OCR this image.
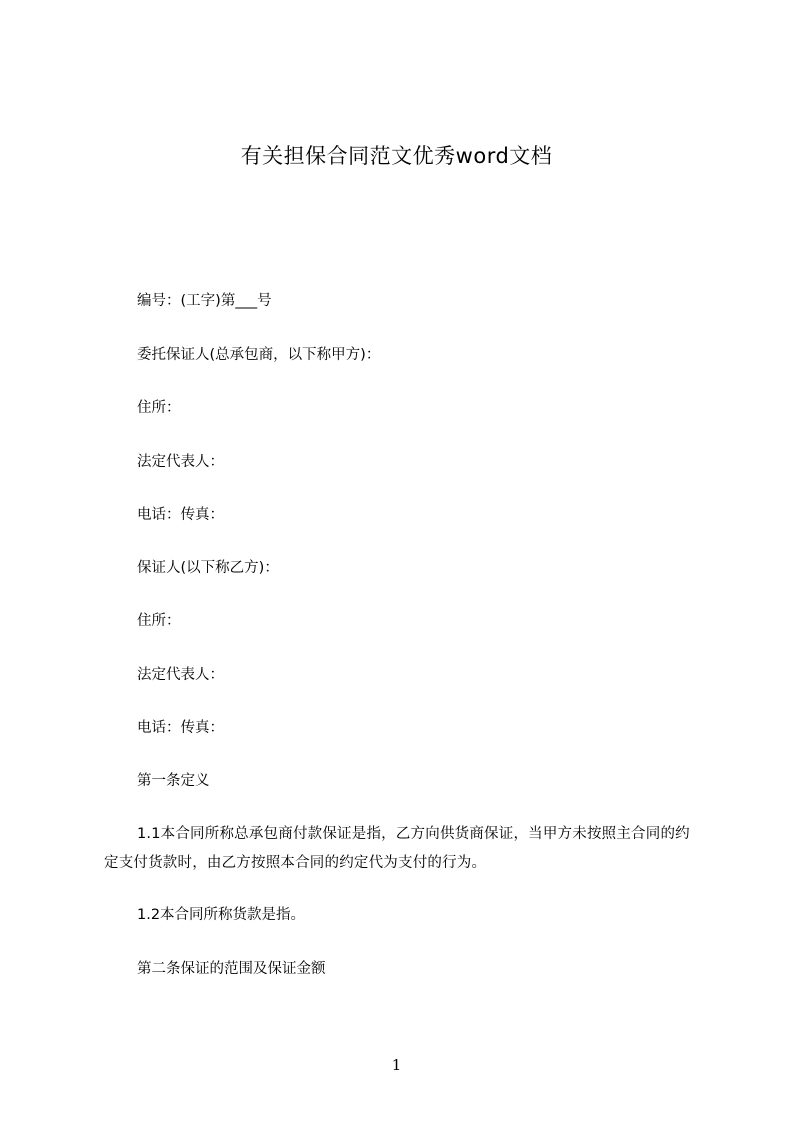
有关担保合同范文优秀word文档
编号：(工字)第___号
委托保证人(总承包商，以下称甲方)：
住所：
法定代表人：
电话：传真：
保证人(以下称乙方)：
住所：
法定代表人：
电话：传真：
第一条定义
1.1本合同所称总承包商付款保证是指，乙方向供货商保证，当甲方未按照主合同的约定支付货款时，由乙方按照本合同的约定代为支付的行为。
1.2本合同所称货款是指。
第二条保证的范围及保证金额
1
